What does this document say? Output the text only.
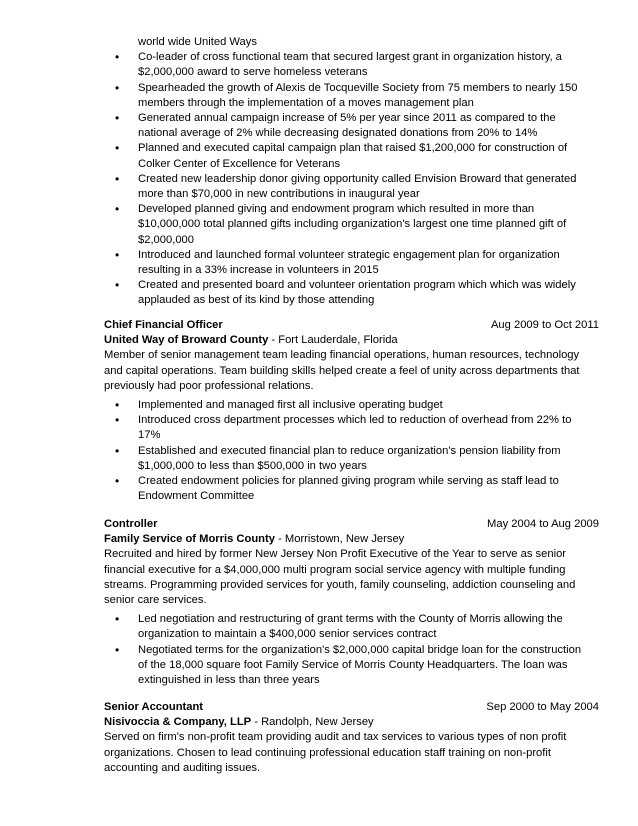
world wide United Ways
• Co-leader of cross functional team that secured largest grant in organization history, a $2,000,000 award to serve homeless veterans
• Spearheaded the growth of Alexis de Tocqueville Society from 75 members to nearly 150 members through the implementation of a moves management plan
• Generated annual campaign increase of 5% per year since 2011 as compared to the national average of 2% while decreasing designated donations from 20% to 14%
• Planned and executed capital campaign plan that raised $1,200,000 for construction of Colker Center of Excellence for Veterans
• Created new leadership donor giving opportunity called Envision Broward that generated more than $70,000 in new contributions in inaugural year
• Developed planned giving and endowment program which resulted in more than $10,000,000 total planned gifts including organization's largest one time planned gift of $2,000,000
• Introduced and launched formal volunteer strategic engagement plan for organization resulting in a 33% increase in volunteers in 2015
• Created and presented board and volunteer orientation program which which was widely applauded as best of its kind by those attending
Chief Financial Officer	Aug 2009 to Oct 2011
United Way of Broward County - Fort Lauderdale, Florida

Member of senior management team leading financial operations, human resources, technology and capital operations. Team building skills helped create a feel of unity across departments that previously had poor professional relations.

• Implemented and managed first all inclusive operating budget
• Introduced cross department processes which led to reduction of overhead from 22% to 17%
• Established and executed financial plan to reduce organization's pension liability from $1,000,000 to less than $500,000 in two years
• Created endowment policies for planned giving program while serving as staff lead to Endowment Committee
Controller	May 2004 to Aug 2009
Family Service of Morris County - Morristown, New Jersey

Recruited and hired by former New Jersey Non Profit Executive of the Year to serve as senior financial executive for a $4,000,000 multi program social service agency with multiple funding streams. Programming provided services for youth, family counseling, addiction counseling and senior care services.

• Led negotiation and restructuring of grant terms with the County of Morris allowing the organization to maintain a $400,000 senior services contract
• Negotiated terms for the organization's $2,000,000 capital bridge loan for the construction of the 18,000 square foot Family Service of Morris County Headquarters. The loan was extinguished in less than three years
Senior Accountant	Sep 2000 to May 2004
Nisivoccia & Company, LLP - Randolph, New Jersey

Served on firm's non-profit team providing audit and tax services to various types of non profit organizations. Chosen to lead continuing professional education staff training on non-profit accounting and auditing issues.
